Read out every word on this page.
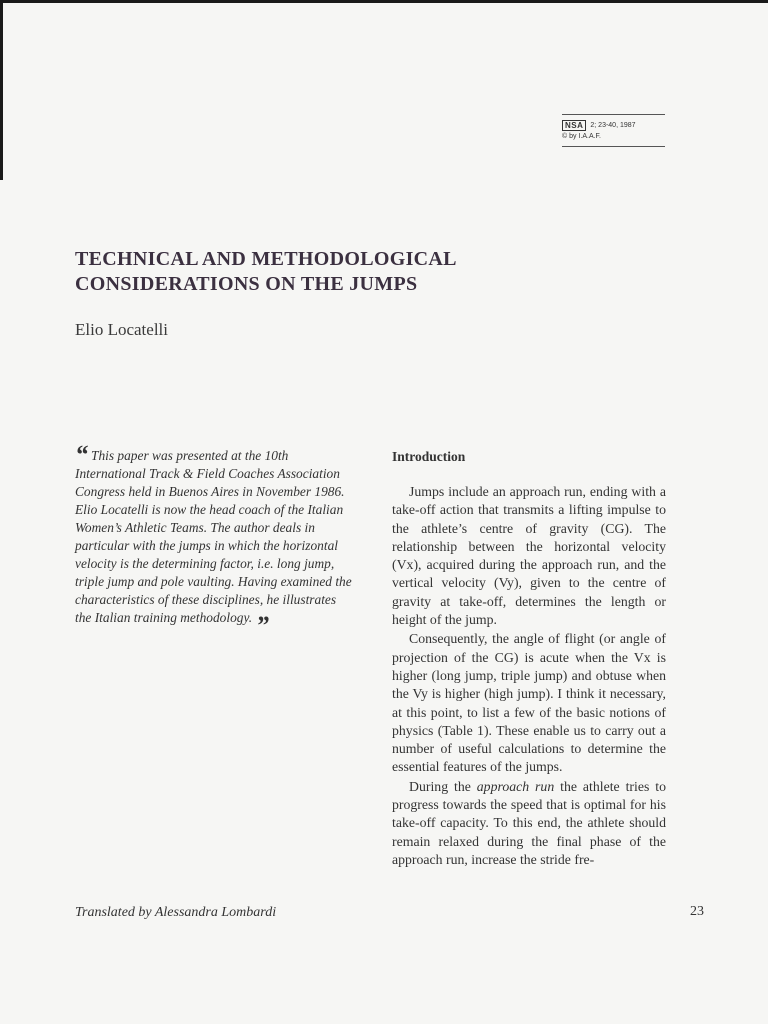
NSA	2; 23-40, 1987
© by I.A.A.F.
TECHNICAL AND METHODOLOGICAL
CONSIDERATIONS ON THE JUMPS

Elio Locatelli

“ This paper was presented at the 10th International Track & Field Coaches Association Congress held in Buenos Aires in November 1986. Elio Locatelli is now the head coach of the Italian Women’s Athletic Teams. The author deals in particular with the jumps in which the horizontal velocity is the determining factor, i.e. long jump, triple jump and pole vaulting. Having examined the characteristics of these disciplines, he illustrates the Italian training methodology. ”
Translated by Alessandra Lombardi
Introduction

Jumps include an approach run, ending with a take-off action that transmits a lifting impulse to the athlete’s centre of gravity (CG). The relationship between the horizontal velocity (Vx), acquired during the approach run, and the vertical velocity (Vy), given to the centre of gravity at take-off, determines the length or height of the jump.

Consequently, the angle of flight (or angle of projection of the CG) is acute when the Vx is higher (long jump, triple jump) and obtuse when the Vy is higher (high jump). I think it necessary, at this point, to list a few of the basic notions of physics (Table 1). These enable us to carry out a number of useful calculations to determine the essential features of the jumps.

During the approach run the athlete tries to progress towards the speed that is optimal for his take-off capacity. To this end, the athlete should remain relaxed during the final phase of the approach run, increase the stride fre-

23
